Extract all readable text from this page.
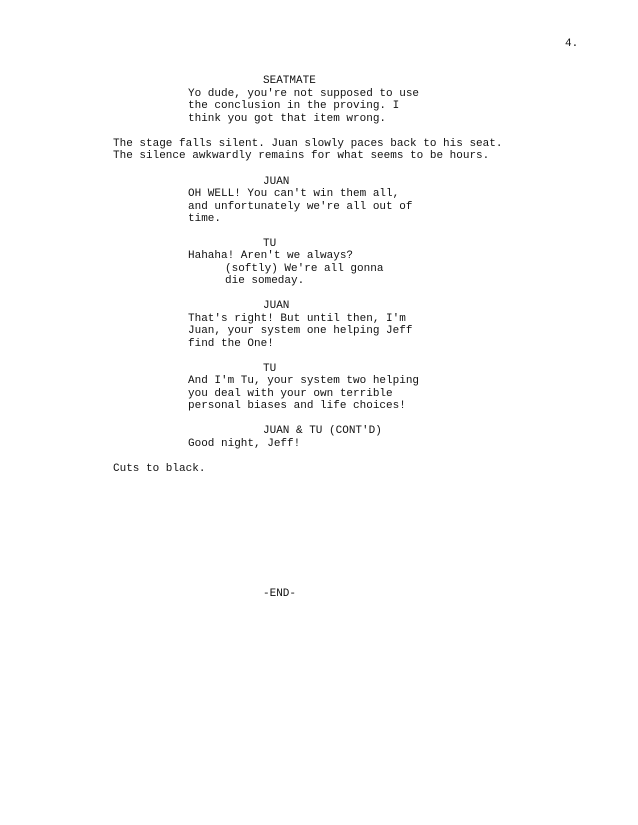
4.
SEATMATE
Yo dude, you're not supposed to use
the conclusion in the proving. I
think you got that item wrong.
The stage falls silent. Juan slowly paces back to his seat.
The silence awkwardly remains for what seems to be hours.
JUAN
OH WELL! You can't win them all,
and unfortunately we're all out of
time.
TU
Hahaha! Aren't we always?
(softly) We're all gonna
die someday.
JUAN
That's right! But until then, I'm
Juan, your system one helping Jeff
find the One!
TU
And I'm Tu, your system two helping
you deal with your own terrible
personal biases and life choices!
JUAN & TU (CONT'D)
Good night, Jeff!
Cuts to black.
-END-
